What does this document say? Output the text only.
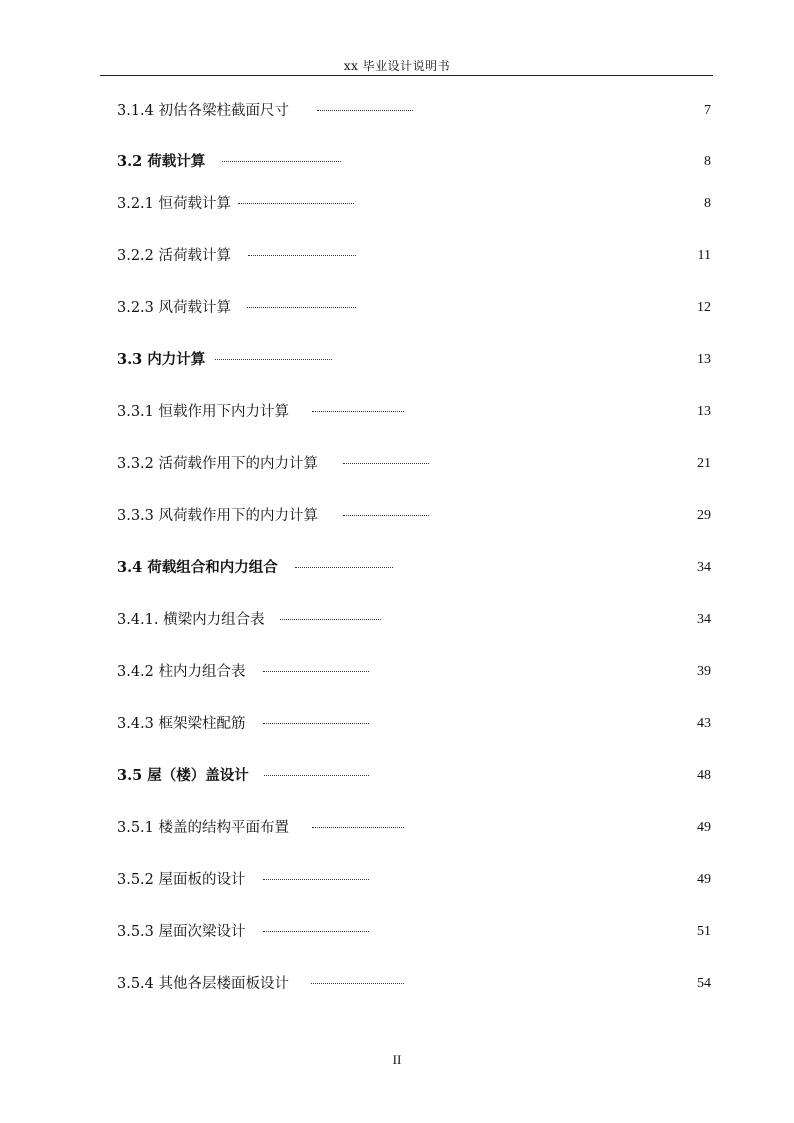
xx 毕业设计说明书
3.1.4 初估各梁柱截面尺寸	7
3.2 荷载计算	8
3.2.1 恒荷载计算	8
3.2.2 活荷载计算	11
3.2.3 风荷载计算	12
3.3 内力计算	13
3.3.1 恒载作用下内力计算	13
3.3.2 活荷载作用下的内力计算	21
3.3.3 风荷载作用下的内力计算	29
3.4 荷载组合和内力组合	34
3.4.1. 横梁内力组合表	34
3.4.2 柱内力组合表	39
3.4.3 框架梁柱配筋	43
3.5 屋（楼）盖设计	48
3.5.1 楼盖的结构平面布置	49
3.5.2 屋面板的设计	49
3.5.3 屋面次梁设计	51
3.5.4 其他各层楼面板设计	54
II
